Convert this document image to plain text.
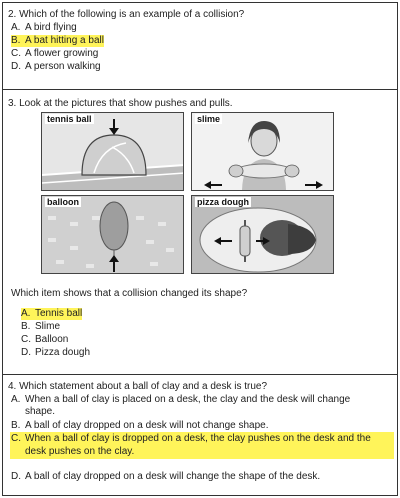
2. Which of the following is an example of a collision?
A. A bird flying
B. A bat hitting a ball
C. A flower growing
D. A person walking
3. Look at the pictures that show pushes and pulls.
tennis ball	slime
balloon	pizza dough
Which item shows that a collision changed its shape?
A. Tennis ball
B. Slime
C. Balloon
D. Pizza dough
4. Which statement about a ball of clay and a desk is true?
A. When a ball of clay is placed on a desk, the clay and the desk will change
shape.
B. A ball of clay dropped on a desk will not change shape.
C. When a ball of clay is dropped on a desk, the clay pushes on the desk and the
desk pushes on the clay.
D. A ball of clay dropped on a desk will change the shape of the desk.
